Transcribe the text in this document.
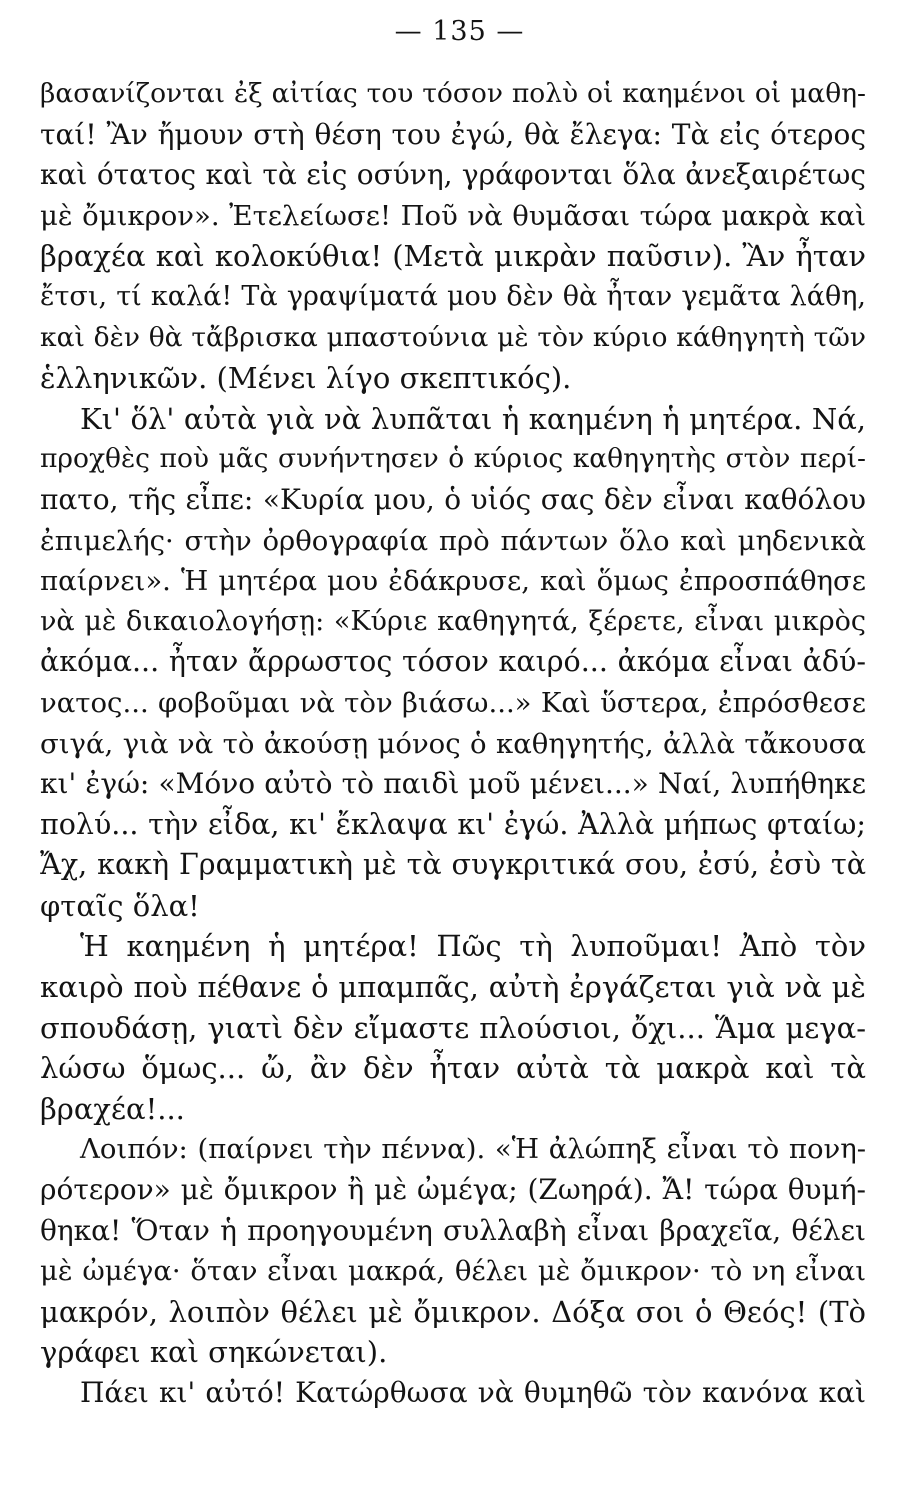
— 135 —
βασανίζονται ἐξ αἰτίας του τόσον πολὺ οἱ καημένοι οἱ μαθη-
ταί! Ἂν ἤμουν στὴ θέση του ἐγώ, θὰ ἔλεγα: Τὰ εἰς ότερος
καὶ ότατος καὶ τὰ εἰς οσύνη, γράφονται ὅλα ἀνεξαιρέτως
μὲ ὄμικρον». Ἐτελείωσε! Ποῦ νὰ θυμᾶσαι τώρα μακρὰ καὶ
βραχέα καὶ κολοκύθια! (Μετὰ μικρὰν παῦσιν). Ἂν ἦταν
ἔτσι, τί καλά! Τὰ γραψίματά μου δὲν θὰ ἦταν γεμᾶτα λάθη,
καὶ δὲν θὰ τἄβρισκα μπαστούνια μὲ τὸν κύριο κάθηγητὴ τῶν
ἑλληνικῶν. (Μένει λίγο σκεπτικός).
Κι' ὅλ' αὐτὰ γιὰ νὰ λυπᾶται ἡ καημένη ἡ μητέρα. Νά,
προχθὲς ποὺ μᾶς συνήντησεν ὁ κύριος καθηγητὴς στὸν περί-
πατο, τῆς εἶπε: «Κυρία μου, ὁ υἱός σας δὲν εἶναι καθόλου
ἐπιμελής· στὴν ὀρθογραφία πρὸ πάντων ὅλο καὶ μηδενικὰ
παίρνει». Ἡ μητέρα μου ἐδάκρυσε, καὶ ὅμως ἐπροσπάθησε
νὰ μὲ δικαιολογήσῃ: «Κύριε καθηγητά, ξέρετε, εἶναι μικρὸς
ἀκόμα... ἦταν ἄρρωστος τόσον καιρό... ἀκόμα εἶναι ἀδύ-
νατος... φοβοῦμαι νὰ τὸν βιάσω...» Καὶ ὕστερα, ἐπρόσθεσε
σιγά, γιὰ νὰ τὸ ἀκούσῃ μόνος ὁ καθηγητής, ἀλλὰ τἄκουσα
κι' ἐγώ: «Μόνο αὐτὸ τὸ παιδὶ μοῦ μένει...» Ναί, λυπήθηκε
πολύ... τὴν εἶδα, κι' ἔκλαψα κι' ἐγώ. Ἀλλὰ μήπως φταίω;
Ἄχ, κακὴ Γραμματικὴ μὲ τὰ συγκριτικά σου, ἐσύ, ἐσὺ τὰ
φταῖς ὅλα!
Ἡ καημένη ἡ μητέρα! Πῶς τὴ λυποῦμαι! Ἀπὸ τὸν
καιρὸ ποὺ πέθανε ὁ μπαμπᾶς, αὐτὴ ἐργάζεται γιὰ νὰ μὲ
σπουδάσῃ, γιατὶ δὲν εἴμαστε πλούσιοι, ὄχι... Ἅμα μεγα-
λώσω ὅμως... ὤ, ἂν δὲν ἦταν αὐτὰ τὰ μακρὰ καὶ τὰ
βραχέα!...
Λοιπόν: (παίρνει τὴν πέννα). «Ἡ ἀλώπηξ εἶναι τὸ πονη-
ρότερον» μὲ ὄμικρον ἢ μὲ ὠμέγα; (Ζωηρά). Ἄ! τώρα θυμή-
θηκα! Ὅταν ἡ προηγουμένη συλλαβὴ εἶναι βραχεῖα, θέλει
μὲ ὠμέγα· ὅταν εἶναι μακρά, θέλει μὲ ὄμικρον· τὸ νη εἶναι
μακρόν, λοιπὸν θέλει μὲ ὄμικρον. Δόξα σοι ὁ Θεός! (Τὸ
γράφει καὶ σηκώνεται).
Πάει κι' αὐτό! Κατώρθωσα νὰ θυμηθῶ τὸν κανόνα καὶ
